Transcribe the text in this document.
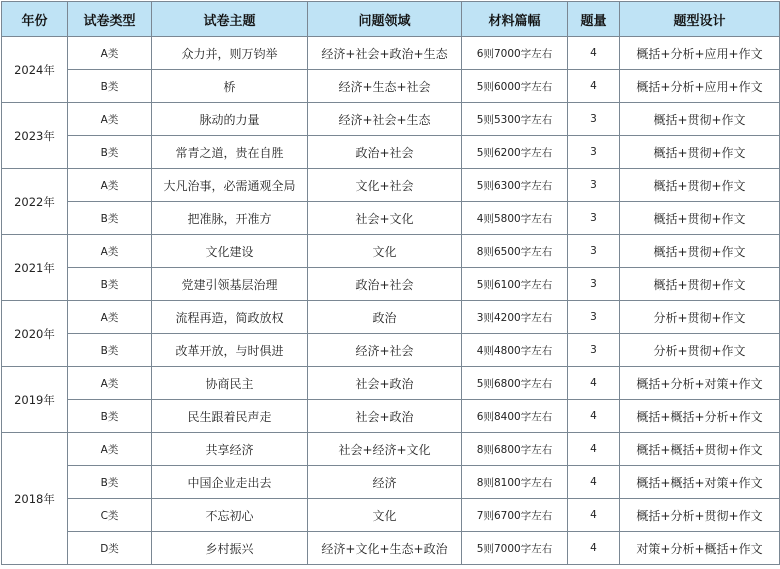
年份	试卷类型	试卷主题	问题领域	材料篇幅	题量	题型设计
2024年	A类	众力并，则万钧举	经济+社会+政治+生态	6则7000字左右	4	概括+分析+应用+作文
	B类	桥	经济+生态+社会	5则6000字左右	4	概括+分析+应用+作文
2023年	A类	脉动的力量	经济+社会+生态	5则5300字左右	3	概括+贯彻+作文
	B类	常青之道，贵在自胜	政治+社会	5则6200字左右	3	概括+贯彻+作文
2022年	A类	大凡治事，必需通观全局	文化+社会	5则6300字左右	3	概括+贯彻+作文
	B类	把准脉，开准方	社会+文化	4则5800字左右	3	概括+贯彻+作文
2021年	A类	文化建设	文化	8则6500字左右	3	概括+贯彻+作文
	B类	党建引领基层治理	政治+社会	5则6100字左右	3	概括+贯彻+作文
2020年	A类	流程再造，简政放权	政治	3则4200字左右	3	分析+贯彻+作文
	B类	改革开放，与时俱进	经济+社会	4则4800字左右	3	分析+贯彻+作文
2019年	A类	协商民主	社会+政治	5则6800字左右	4	概括+分析+对策+作文
	B类	民生跟着民声走	社会+政治	6则8400字左右	4	概括+概括+分析+作文
2018年	A类	共享经济	社会+经济+文化	8则6800字左右	4	概括+概括+贯彻+作文
	B类	中国企业走出去	经济	8则8100字左右	4	概括+概括+对策+作文
	C类	不忘初心	文化	7则6700字左右	4	概括+分析+贯彻+作文
	D类	乡村振兴	经济+文化+生态+政治	5则7000字左右	4	对策+分析+概括+作文
